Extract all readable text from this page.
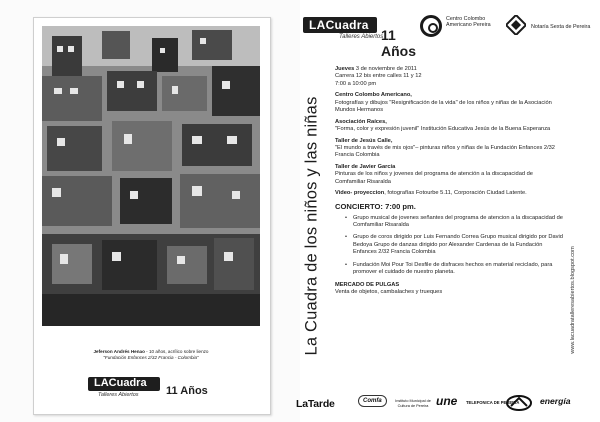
Jeferson Andrés Henao - 10 años, acrílico sobre lienzo
"Fundación Enfances 2/32 Francia - Colombia"
LACuadra
Talleres Abiertos 11 Años
La Cuadra de los niños y las niñas
LACuadra
Talleres Abiertos
11 Años
Centro Colombo Americano Pereira	Notaría Sexta de Pereira

Jueves 3 de noviembre de 2011
Carrera 12 bis entre calles 11 y 12
7:00 a 10:00 pm

Centro Colombo Americano,
Fotografías y dibujos "Resignificación de la vida" de los niños y niñas de la Asociación Mundos Hermanos

Asociación Raíces,
"Forma, color y expresión juvenil" Institución Educativa Jesús de la Buena Esperanza

Taller de Jesús Calle,
"El mundo a través de mis ojos"– pinturas niños y niñas de la Fundación Enfances 2/32 Francia Colombia

Taller de Javier García
Pinturas de los niños y jovenes del programa de atención a la discapacidad de Comfamiliar Risaralda

Video- proyeccion, fotografías Fotourbe 5.11, Corporación Ciudad Latente.

CONCIERTO: 7:00 pm.

• Grupo musical de jovenes señantes del programa de atencion a la discapacidad de Comfamiliar Risaralda
• Grupo de coros dirigido por Luis Fernando Correa Grupo musical dirigido por David Bedoya Grupo de danzas dirigido por Alexander Cardenas de la Fundación Enfances 2/32 Francia Colombia
• Fundación Moi Pour Toi Desfile de disfraces hechos en material reciclado, para promover el cuidado de nuestro planeta.

MERCADO DE PULGAS
Venta de objetos, cambalaches y trueques	www.lacuadratalleresabiertos.blogspot.com
LaTarde	Comfa	Instituto Municipal de Cultura de Pereira une TELEFONICA DE PEREIRA energía
